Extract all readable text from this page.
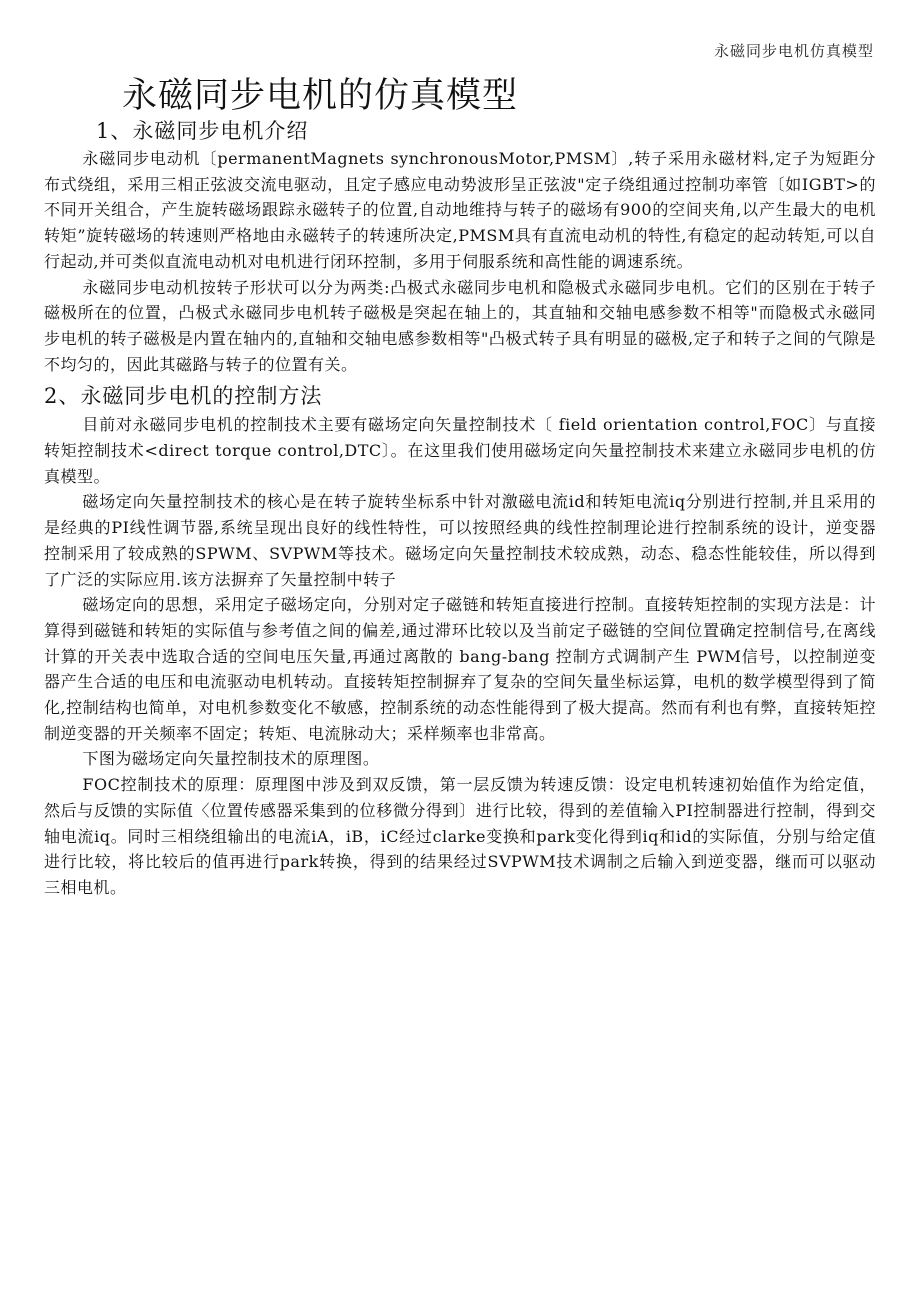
永磁同步电机仿真模型
永磁同步电机的仿真模型
1、永磁同步电机介绍

永磁同步电动机〔permanentMagnets synchronousMotor,PMSM〕,转子采用永磁材料,定子为短距分布式绕组，采用三相正弦波交流电驱动，且定子感应电动势波形呈正弦波"定子绕组通过控制功率管〔如IGBT>的不同开关组合，产生旋转磁场跟踪永磁转子的位置,自动地维持与转子的磁场有900的空间夹角,以产生最大的电机转矩”旋转磁场的转速则严格地由永磁转子的转速所决定,PMSM具有直流电动机的特性,有稳定的起动转矩,可以自行起动,并可类似直流电动机对电机进行闭环控制，多用于伺服系统和高性能的调速系统。

永磁同步电动机按转子形状可以分为两类:凸极式永磁同步电机和隐极式永磁同步电机。它们的区别在于转子磁极所在的位置，凸极式永磁同步电机转子磁极是突起在轴上的，其直轴和交轴电感参数不相等"而隐极式永磁同步电机的转子磁极是内置在轴内的,直轴和交轴电感参数相等"凸极式转子具有明显的磁极,定子和转子之间的气隙是不均匀的，因此其磁路与转子的位置有关。

2、永磁同步电机的控制方法

目前对永磁同步电机的控制技术主要有磁场定向矢量控制技术〔 field orientation control,FOC〕与直接转矩控制技术<direct torque control,DTC〕。在这里我们使用磁场定向矢量控制技术来建立永磁同步电机的仿真模型。

磁场定向矢量控制技术的核心是在转子旋转坐标系中针对激磁电流id和转矩电流iq分别进行控制,并且采用的是经典的PI线性调节器,系统呈现出良好的线性特性，可以按照经典的线性控制理论进行控制系统的设计，逆变器控制采用了较成熟的SPWM、SVPWM等技术。磁场定向矢量控制技术较成熟，动态、稳态性能较佳，所以得到了广泛的实际应用.该方法摒弃了矢量控制中转子

磁场定向的思想，采用定子磁场定向，分别对定子磁链和转矩直接进行控制。直接转矩控制的实现方法是：计算得到磁链和转矩的实际值与参考值之间的偏差,通过滞环比较以及当前定子磁链的空间位置确定控制信号,在离线计算的开关表中选取合适的空间电压矢量,再通过离散的 bang-bang 控制方式调制产生 PWM信号，以控制逆变器产生合适的电压和电流驱动电机转动。直接转矩控制摒弃了复杂的空间矢量坐标运算，电机的数学模型得到了简化,控制结构也简单，对电机参数变化不敏感，控制系统的动态性能得到了极大提高。然而有利也有弊，直接转矩控制逆变器的开关频率不固定；转矩、电流脉动大；采样频率也非常高。

下图为磁场定向矢量控制技术的原理图。

FOC控制技术的原理：原理图中涉及到双反馈，第一层反馈为转速反馈：设定电机转速初始值作为给定值，然后与反馈的实际值〈位置传感器采集到的位移微分得到〕进行比较，得到的差值输入PI控制器进行控制，得到交轴电流iq。同时三相绕组输出的电流iA，iB，iC经过clarke变换和park变化得到iq和id的实际值，分别与给定值进行比较，将比较后的值再进行park转换，得到的结果经过SVPWM技术调制之后输入到逆变器，继而可以驱动三相电机。
